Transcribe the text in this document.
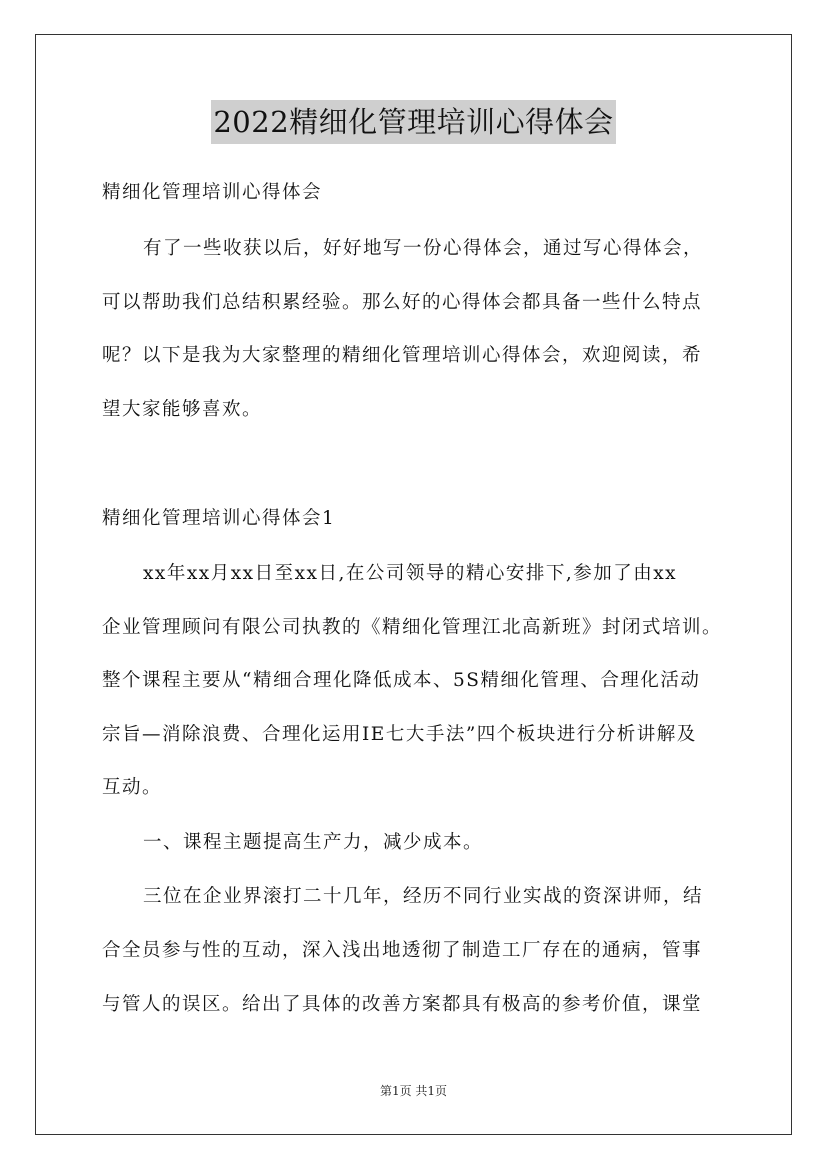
2022精细化管理培训心得体会
精细化管理培训心得体会
有了一些收获以后，好好地写一份心得体会，通过写心得体会，
可以帮助我们总结积累经验。那么好的心得体会都具备一些什么特点
呢？以下是我为大家整理的精细化管理培训心得体会，欢迎阅读，希
望大家能够喜欢。
精细化管理培训心得体会1
xx年xx月xx日至xx日,在公司领导的精心安排下,参加了由xx
企业管理顾问有限公司执教的《精细化管理江北高新班》封闭式培训。
整个课程主要从“精细合理化降低成本、5S精细化管理、合理化活动
宗旨—消除浪费、合理化运用IE七大手法”四个板块进行分析讲解及
互动。
一、课程主题提高生产力，减少成本。
三位在企业界滚打二十几年，经历不同行业实战的资深讲师，结
合全员参与性的互动，深入浅出地透彻了制造工厂存在的通病，管事
与管人的误区。给出了具体的改善方案都具有极高的参考价值，课堂
第1页 共1页
